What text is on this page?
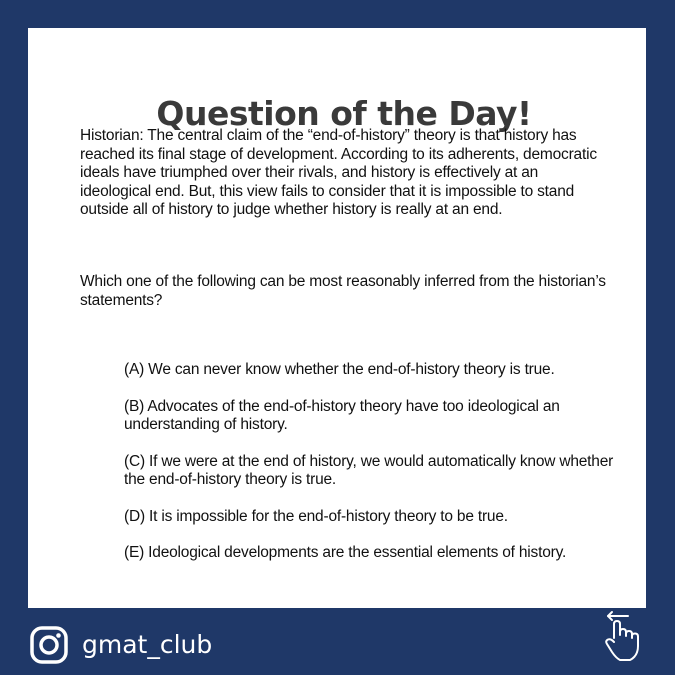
Question of the Day!

Historian: The central claim of the “end-of-history” theory is that history has reached its final stage of development. According to its adherents, democratic ideals have triumphed over their rivals, and history is effectively at an ideological end. But, this view fails to consider that it is impossible to stand outside all of history to judge whether history is really at an end.

Which one of the following can be most reasonably inferred from the historian’s statements?

(A) We can never know whether the end-of-history theory is true.
(B) Advocates of the end-of-history theory have too ideological an understanding of history.
(C) If we were at the end of history, we would automatically know whether the end-of-history theory is true.
(D) It is impossible for the end-of-history theory to be true.
(E) Ideological developments are the essential elements of history.
gmat_club
